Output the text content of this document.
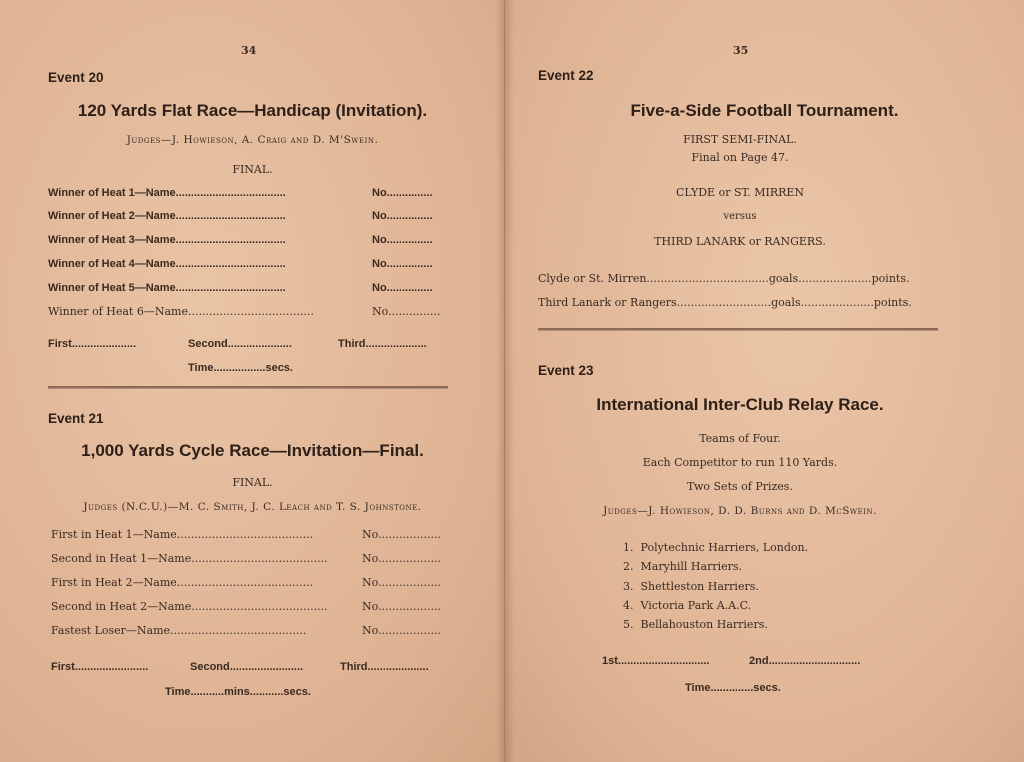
34
Event 20
120 Yards Flat Race—Handicap (Invitation).
Judges—J. Howieson, A. Craig and D. M'Swein.
FINAL.
Winner of Heat 1—Name....................................	No...............
Winner of Heat 2—Name....................................	No...............
Winner of Heat 3—Name....................................	No...............
Winner of Heat 4—Name....................................	No...............
Winner of Heat 5—Name....................................	No...............
Winner of Heat 6—Name....................................	No...............
First.....................	Second.....................	Third....................
Time.................secs.
Event 21
1,000 Yards Cycle Race—Invitation—Final.
FINAL.
Judges (N.C.U.)—M. C. Smith, J. C. Leach and T. S. Johnstone.
First in Heat 1—Name.......................................	No..................
Second in Heat 1—Name.......................................	No..................
First in Heat 2—Name.......................................	No..................
Second in Heat 2—Name.......................................	No..................
Fastest Loser—Name.......................................	No..................
First........................	Second........................	Third....................
Time...........mins...........secs.
35
Event 22
Five-a-Side Football Tournament.
FIRST SEMI-FINAL.
Final on Page 47.
CLYDE or ST. MIRREN
versus
THIRD LANARK or RANGERS.
Clyde or St. Mirren...................................goals.....................points.
Third Lanark or Rangers...........................goals.....................points.
Event 23
International Inter-Club Relay Race.
Teams of Four.
Each Competitor to run 110 Yards.
Two Sets of Prizes.
Judges—J. Howieson, D. D. Burns and D. McSwein.
1. Polytechnic Harriers, London.
2. Maryhill Harriers.
3. Shettleston Harriers.
4. Victoria Park A.A.C.
5. Bellahouston Harriers.
1st..............................	2nd..............................
Time..............secs.
